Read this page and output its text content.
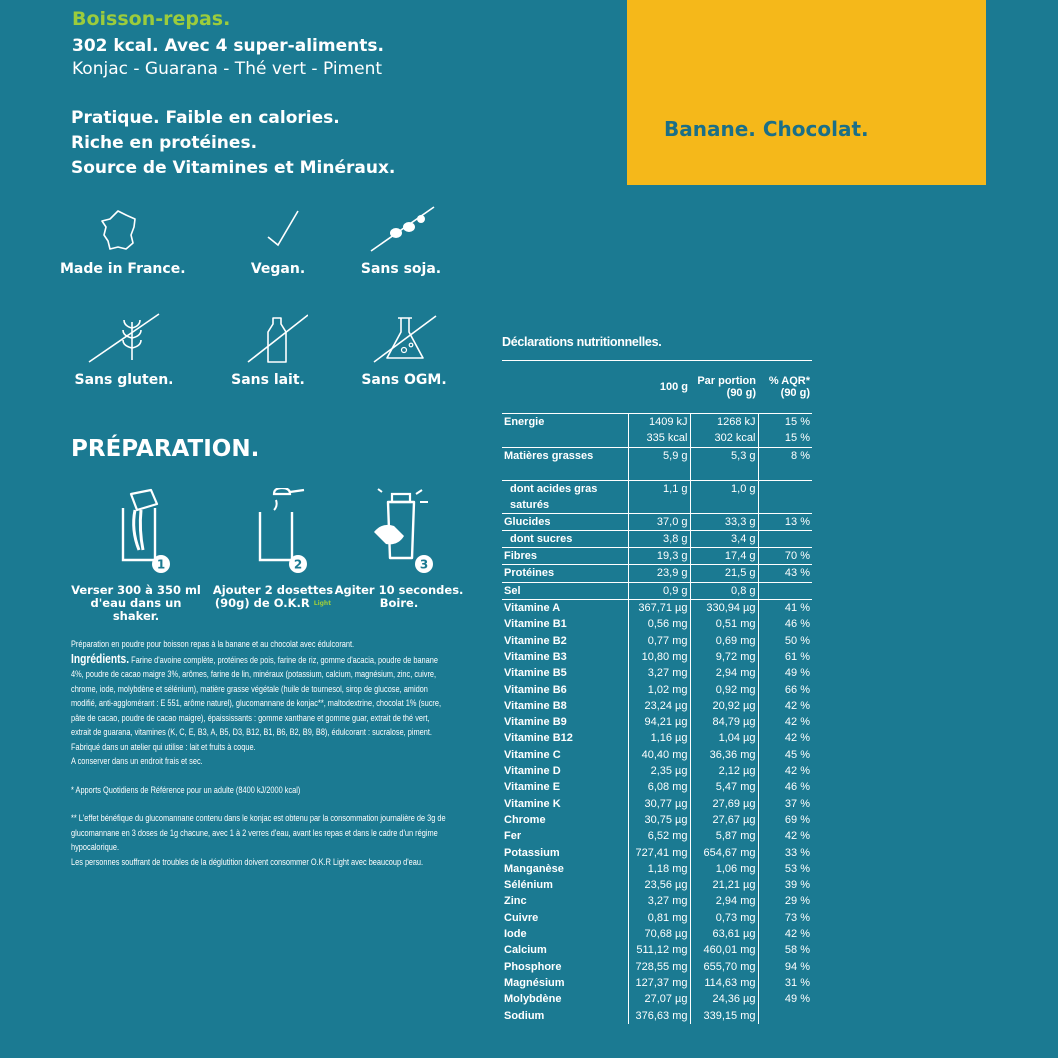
Boisson-repas.
302 kcal. Avec 4 super-aliments.
Konjac - Guarana - Thé vert - Piment
Pratique. Faible en calories.
Riche en protéines.
Source de Vitamines et Minéraux.
Banane. Chocolat.
Made in France.	Vegan.	Sans soja.
Sans gluten.	Sans lait.	Sans OGM.
PRÉPARATION.
1
Verser 300 à 350 ml
d'eau dans un shaker.
2
Ajouter 2 dosettes
(90g) de O.K.R $^{Light}$
3
Agiter 10 secondes.
Boire.

Préparation en poudre pour boisson repas à la banane et au chocolat avec édulcorant.

Ingrédients. Farine d'avoine complète, protéines de pois, farine de riz, gomme d'acacia, poudre de banane 4%, poudre de cacao maigre 3%, arômes, farine de lin, minéraux (potassium, calcium, magnésium, zinc, cuivre, chrome, iode, molybdène et sélénium), matière grasse végétale (huile de tournesol, sirop de glucose, amidon modifié, anti-agglomérant : E 551, arôme naturel), glucomannane de konjac**, maltodextrine, chocolat 1% (sucre, pâte de cacao, poudre de cacao maigre), épaississants : gomme xanthane et gomme guar, extrait de thé vert, extrait de guarana, vitamines (K, C, E, B3, A, B5, D3, B12, B1, B6, B2, B9, B8), édulcorant : sucralose, piment.

Fabriqué dans un atelier qui utilise : lait et fruits à coque.

A conserver dans un endroit frais et sec.

* Apports Quotidiens de Référence pour un adulte (8400 kJ/2000 kcal)

** L'effet bénéfique du glucomannane contenu dans le konjac est obtenu par la consommation journalière de 3g de glucomannane en 3 doses de 1g chacune, avec 1 à 2 verres d'eau, avant les repas et dans le cadre d'un régime hypocalorique.

Les personnes souffrant de troubles de la déglutition doivent consommer O.K.R Light avec beaucoup d'eau.

Déclarations nutritionnelles.
	100 g	Par portion (90 g)	% AQR* (90 g)
Energie	1409 kJ	1268 kJ	15 %
	335 kcal	302 kcal	15 %
Matières grasses	5,9 g	5,3 g	8 %
dont acides gras saturés	1,1 g	1,0 g	
Glucides	37,0 g	33,3 g	13 %
dont sucres	3,8 g	3,4 g	
Fibres	19,3 g	17,4 g	70 %
Protéines	23,9 g	21,5 g	43 %
Sel	0,9 g	0,8 g	
Vitamine A	367,71 µg	330,94 µg	41 %
Vitamine B1	0,56 mg	0,51 mg	46 %
Vitamine B2	0,77 mg	0,69 mg	50 %
Vitamine B3	10,80 mg	9,72 mg	61 %
Vitamine B5	3,27 mg	2,94 mg	49 %
Vitamine B6	1,02 mg	0,92 mg	66 %
Vitamine B8	23,24 µg	20,92 µg	42 %
Vitamine B9	94,21 µg	84,79 µg	42 %
Vitamine B12	1,16 µg	1,04 µg	42 %
Vitamine C	40,40 mg	36,36 mg	45 %
Vitamine D	2,35 µg	2,12 µg	42 %
Vitamine E	6,08 mg	5,47 mg	46 %
Vitamine K	30,77 µg	27,69 µg	37 %
Chrome	30,75 µg	27,67 µg	69 %
Fer	6,52 mg	5,87 mg	42 %
Potassium	727,41 mg	654,67 mg	33 %
Manganèse	1,18 mg	1,06 mg	53 %
Sélénium	23,56 µg	21,21 µg	39 %
Zinc	3,27 mg	2,94 mg	29 %
Cuivre	0,81 mg	0,73 mg	73 %
Iode	70,68 µg	63,61 µg	42 %
Calcium	511,12 mg	460,01 mg	58 %
Phosphore	728,55 mg	655,70 mg	94 %
Magnésium	127,37 mg	114,63 mg	31 %
Molybdène	27,07 µg	24,36 µg	49 %
Sodium	376,63 mg	339,15 mg	
